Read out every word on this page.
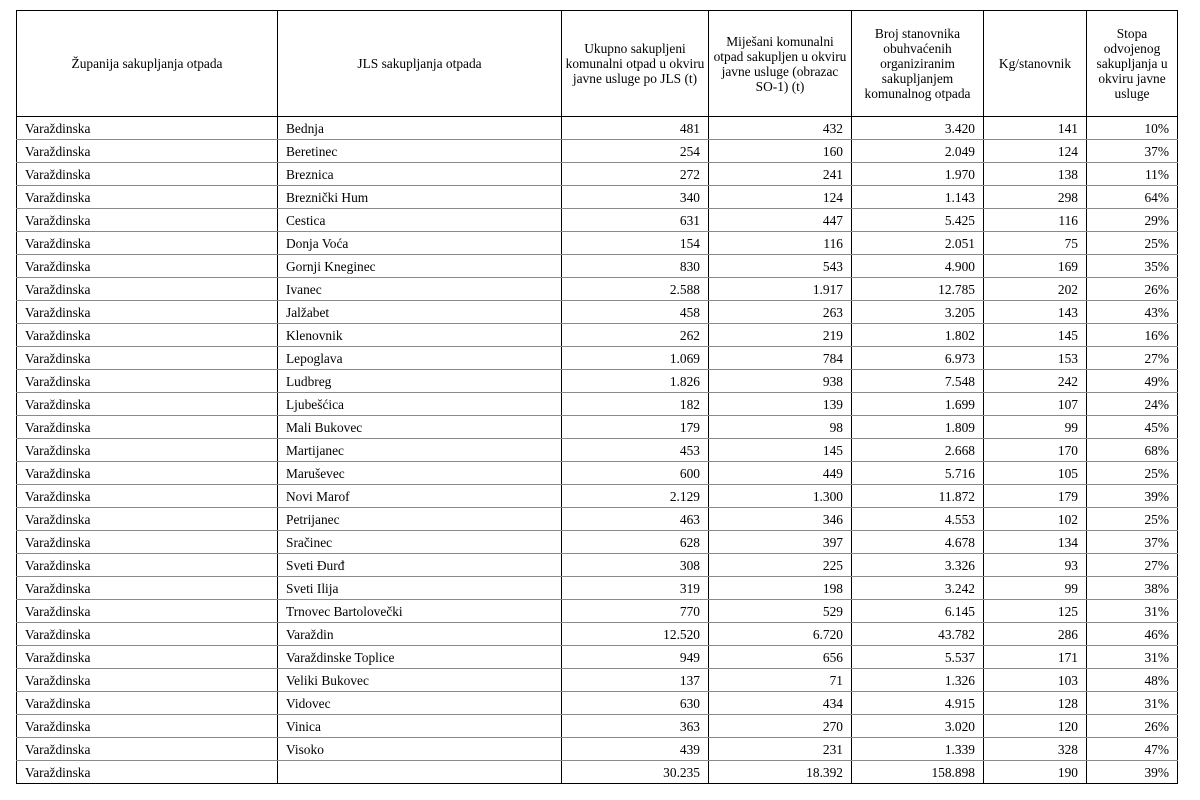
Županija sakupljanja otpada	JLS sakupljanja otpada	Ukupno sakupljeni komunalni otpad u okviru javne usluge po JLS (t)	Miješani komunalni otpad sakupljen u okviru javne usluge (obrazac SO-1) (t)	Broj stanovnika obuhvaćenih organiziranim sakupljanjem komunalnog otpada	Kg/stanovnik	Stopa odvojenog sakupljanja u okviru javne usluge
Varaždinska	Bednja	481	432	3.420	141	10%
Varaždinska	Beretinec	254	160	2.049	124	37%
Varaždinska	Breznica	272	241	1.970	138	11%
Varaždinska	Breznički Hum	340	124	1.143	298	64%
Varaždinska	Cestica	631	447	5.425	116	29%
Varaždinska	Donja Voća	154	116	2.051	75	25%
Varaždinska	Gornji Kneginec	830	543	4.900	169	35%
Varaždinska	Ivanec	2.588	1.917	12.785	202	26%
Varaždinska	Jalžabet	458	263	3.205	143	43%
Varaždinska	Klenovnik	262	219	1.802	145	16%
Varaždinska	Lepoglava	1.069	784	6.973	153	27%
Varaždinska	Ludbreg	1.826	938	7.548	242	49%
Varaždinska	Ljubešćica	182	139	1.699	107	24%
Varaždinska	Mali Bukovec	179	98	1.809	99	45%
Varaždinska	Martijanec	453	145	2.668	170	68%
Varaždinska	Maruševec	600	449	5.716	105	25%
Varaždinska	Novi Marof	2.129	1.300	11.872	179	39%
Varaždinska	Petrijanec	463	346	4.553	102	25%
Varaždinska	Sračinec	628	397	4.678	134	37%
Varaždinska	Sveti Đurđ	308	225	3.326	93	27%
Varaždinska	Sveti Ilija	319	198	3.242	99	38%
Varaždinska	Trnovec Bartolovečki	770	529	6.145	125	31%
Varaždinska	Varaždin	12.520	6.720	43.782	286	46%
Varaždinska	Varaždinske Toplice	949	656	5.537	171	31%
Varaždinska	Veliki Bukovec	137	71	1.326	103	48%
Varaždinska	Vidovec	630	434	4.915	128	31%
Varaždinska	Vinica	363	270	3.020	120	26%
Varaždinska	Visoko	439	231	1.339	328	47%
Varaždinska		30.235	18.392	158.898	190	39%
